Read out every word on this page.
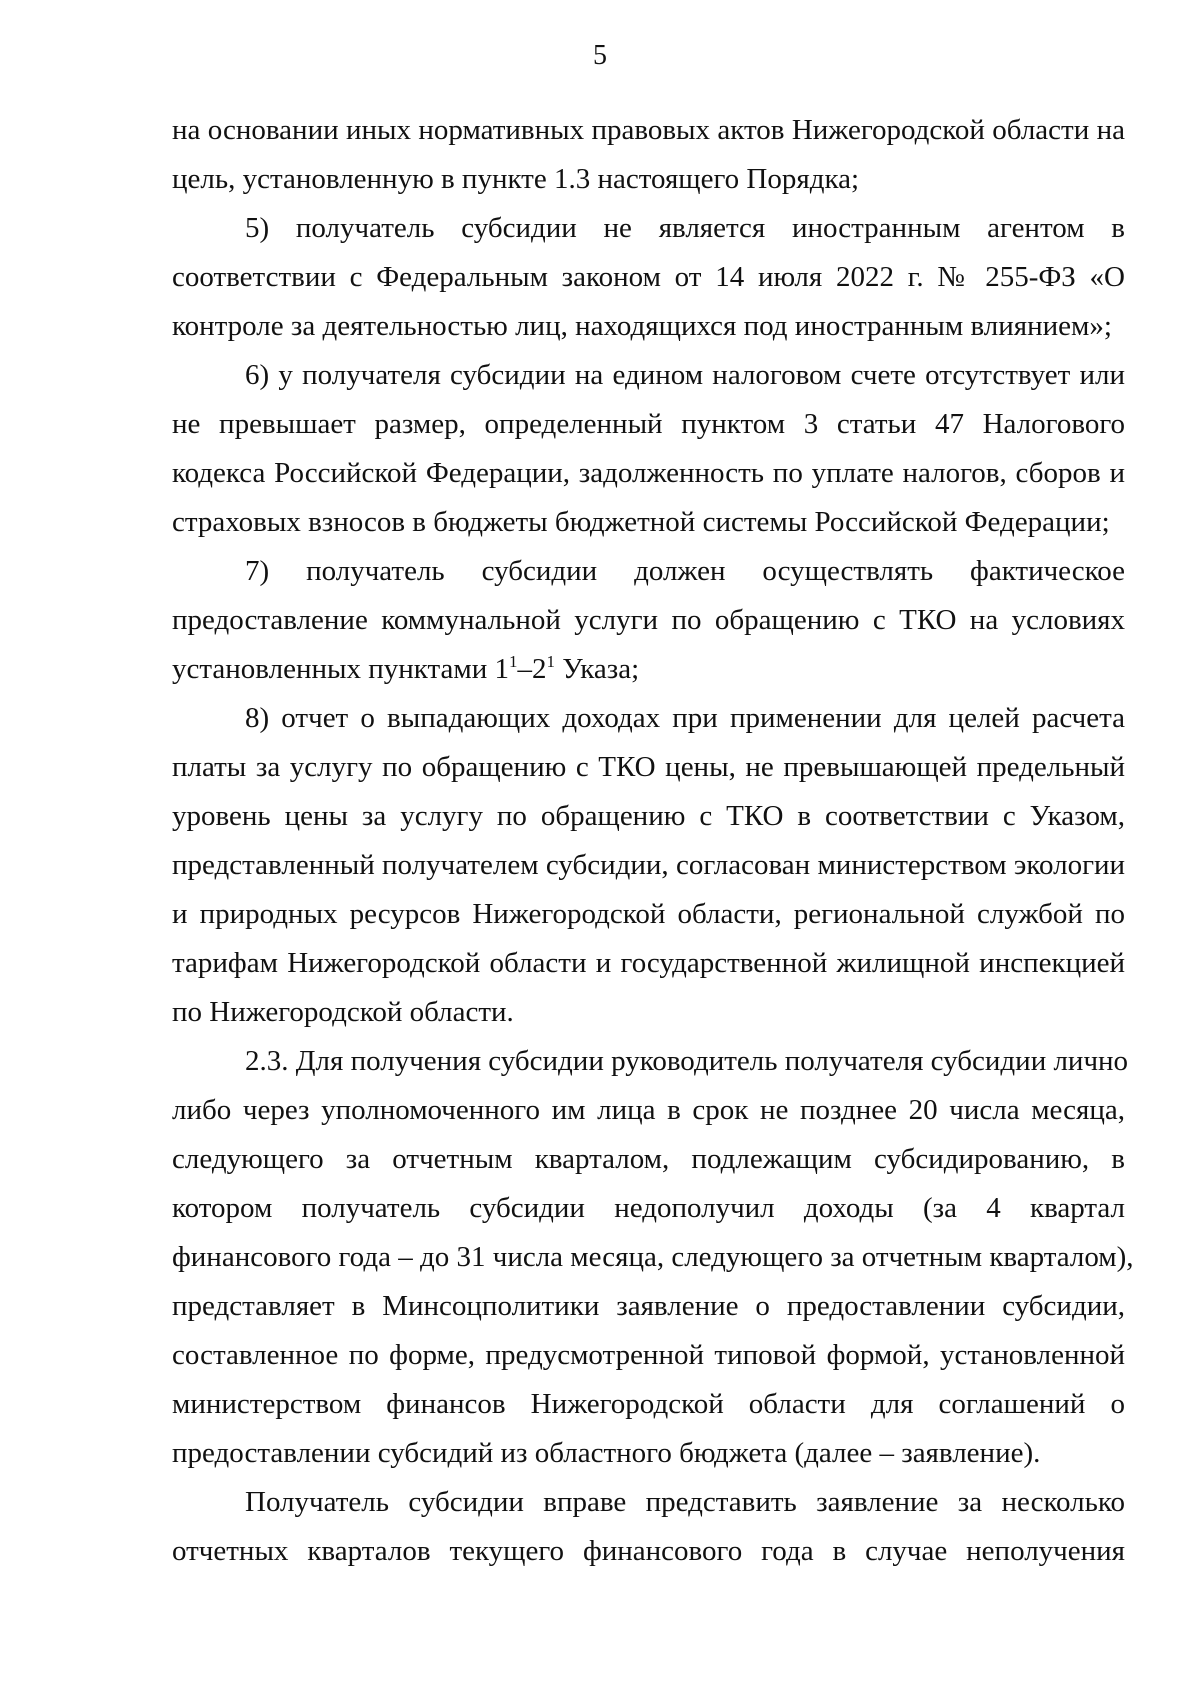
5
на основании иных нормативных правовых актов Нижегородской области на
цель, установленную в пункте 1.3 настоящего Порядка;
5) получатель субсидии не является иностранным агентом в
соответствии с Федеральным законом от 14 июля 2022 г. № 255-ФЗ «О
контроле за деятельностью лиц, находящихся под иностранным влиянием»;
6) у получателя субсидии на едином налоговом счете отсутствует или
не превышает размер, определенный пунктом 3 статьи 47 Налогового
кодекса Российской Федерации, задолженность по уплате налогов, сборов и
страховых взносов в бюджеты бюджетной системы Российской Федерации;
7) получатель субсидии должен осуществлять фактическое
предоставление коммунальной услуги по обращению с ТКО на условиях
установленных пунктами $1^1-2^1$ Указа;
8) отчет о выпадающих доходах при применении для целей расчета
платы за услугу по обращению с ТКО цены, не превышающей предельный
уровень цены за услугу по обращению с ТКО в соответствии с Указом,
представленный получателем субсидии, согласован министерством экологии
и природных ресурсов Нижегородской области, региональной службой по
тарифам Нижегородской области и государственной жилищной инспекцией
по Нижегородской области.
2.3. Для получения субсидии руководитель получателя субсидии лично
либо через уполномоченного им лица в срок не позднее 20 числа месяца,
следующего за отчетным кварталом, подлежащим субсидированию, в
котором получатель субсидии недополучил доходы (за 4 квартал
финансового года – до 31 числа месяца, следующего за отчетным кварталом),
представляет в Минсоцполитики заявление о предоставлении субсидии,
составленное по форме, предусмотренной типовой формой, установленной
министерством финансов Нижегородской области для соглашений о
предоставлении субсидий из областного бюджета (далее – заявление).
Получатель субсидии вправе представить заявление за несколько
отчетных кварталов текущего финансового года в случае неполучения
